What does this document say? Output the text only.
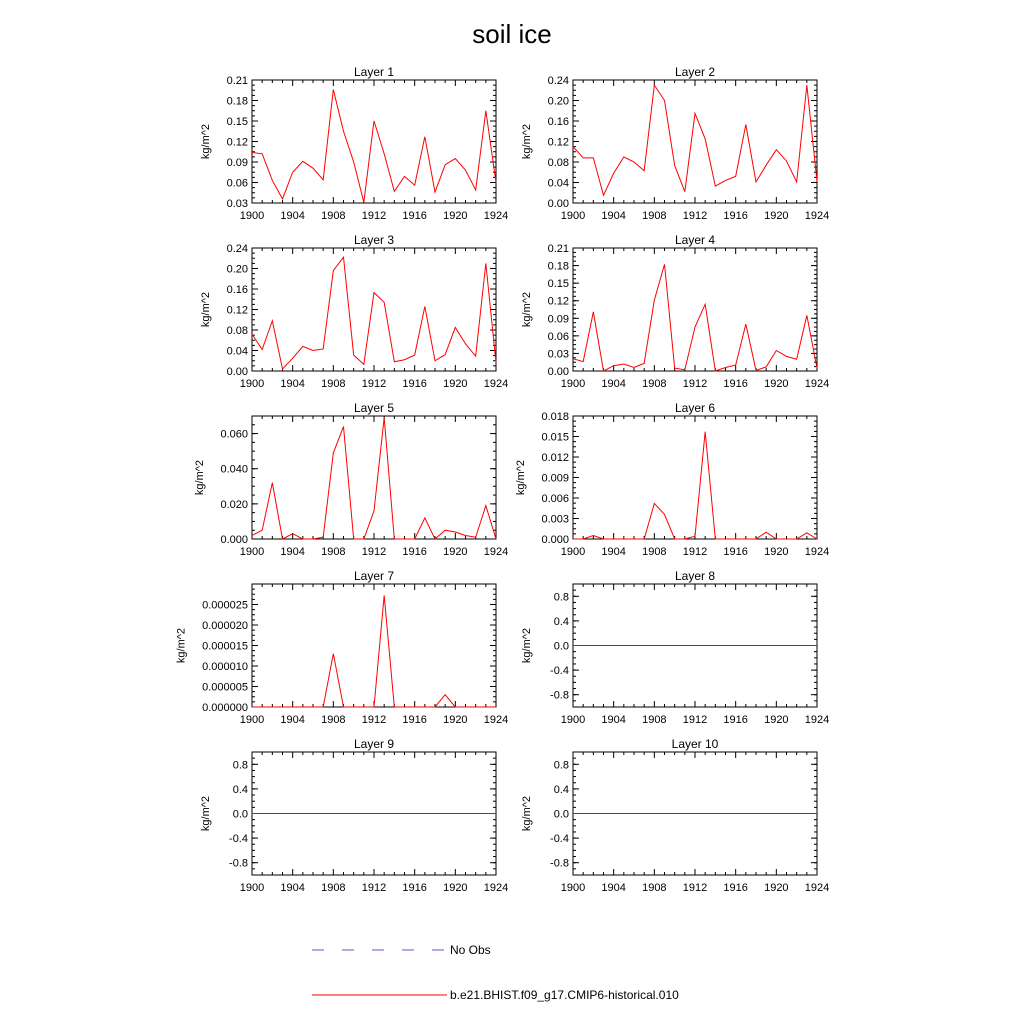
soil ice
Layer 1
1900 1904 1908 1912 1916 1920 1924
0.03
0.06
0.09
0.12
0.15
0.18
0.21
kg/m^2
Layer 2
1900 1904 1908 1912 1916 1920 1924
0.00
0.04
0.08
0.12
0.16
0.20
0.24
kg/m^2
Layer 3
1900 1904 1908 1912 1916 1920 1924
0.00
0.04
0.08
0.12
0.16
0.20
0.24
kg/m^2
Layer 4
1900 1904 1908 1912 1916 1920 1924
0.00
0.03
0.06
0.09
0.12
0.15
0.18
0.21
kg/m^2
Layer 5
1900 1904 1908 1912 1916 1920 1924
0.000
0.020
0.040
0.060
kg/m^2
Layer 6
1900 1904 1908 1912 1916 1920 1924
0.000
0.003
0.006
0.009
0.012
0.015
0.018
kg/m^2
Layer 7
1900 1904 1908 1912 1916 1920 1924
0.000000
0.000005
0.000010
0.000015
0.000020
0.000025
kg/m^2
Layer 8
1900 1904 1908 1912 1916 1920 1924
-0.8
-0.4
0.0
0.4
0.8
kg/m^2
Layer 9
1900 1904 1908 1912 1916 1920 1924
-0.8
-0.4
0.0
0.4
0.8
kg/m^2
Layer 10
1900 1904 1908 1912 1916 1920 1924
-0.8
-0.4
0.0
0.4
0.8
kg/m^2
No Obs
b.e21.BHIST.f09_g17.CMIP6-historical.010
